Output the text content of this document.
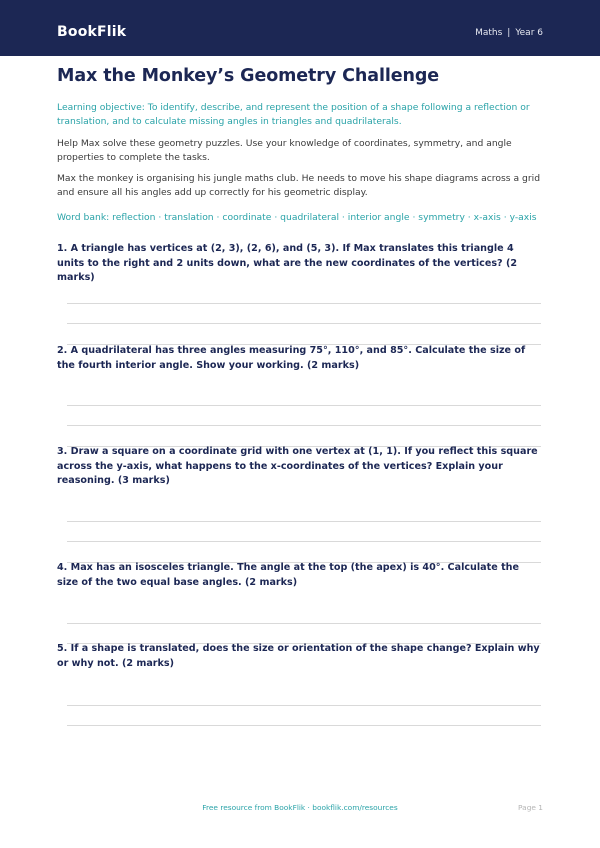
BookFlik	Maths | Year 6
Max the Monkey’s Geometry Challenge

Learning objective: To identify, describe, and represent the position of a shape following a reflection or translation, and to calculate missing angles in triangles and quadrilaterals.

Help Max solve these geometry puzzles. Use your knowledge of coordinates, symmetry, and angle properties to complete the tasks.

Max the monkey is organising his jungle maths club. He needs to move his shape diagrams across a grid and ensure all his angles add up correctly for his geometric display.

Word bank: reflection · translation · coordinate · quadrilateral · interior angle · symmetry · x-axis · y-axis

1. A triangle has vertices at (2, 3), (2, 6), and (5, 3). If Max translates this triangle 4 units to the right and 2 units down, what are the new coordinates of the vertices? (2 marks)

2. A quadrilateral has three angles measuring 75°, 110°, and 85°. Calculate the size of the fourth interior angle. Show your working. (2 marks)

3. Draw a square on a coordinate grid with one vertex at (1, 1). If you reflect this square across the y-axis, what happens to the x-coordinates of the vertices? Explain your reasoning. (3 marks)

4. Max has an isosceles triangle. The angle at the top (the apex) is 40°. Calculate the size of the two equal base angles. (2 marks)

5. If a shape is translated, does the size or orientation of the shape change? Explain why or why not. (2 marks)

Free resource from BookFlik · bookflik.com/resources	Page 1
